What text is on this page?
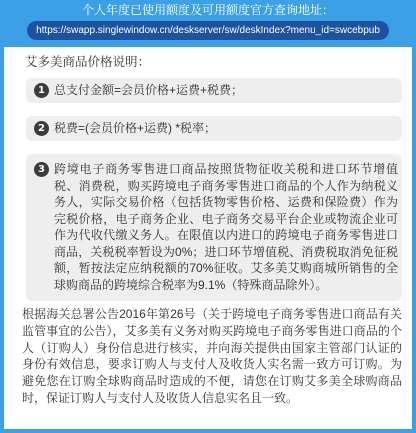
个人年度已使用额度及可用额度官方查询地址：
https://swapp.singlewindow.cn/deskserver/sw/deskIndex?menu_id=swcebpub
艾多美商品价格说明：
1 总支付金额=会员价格+运费+税费；
2 税费=(会员价格+运费) *税率；
3 跨境电子商务零售进口商品按照货物征收关税和进口环节增值税、消费税，购买跨境电子商务零售进口商品的个人作为纳税义务人，实际交易价格（包括货物零售价格、运费和保险费）作为完税价格，电子商务企业、电子商务交易平台企业或物流企业可作为代收代缴义务人。在限值以内进口的跨境电子商务零售进口商品，关税税率暂设为0%；进口环节增值税、消费税取消免征税额，暂按法定应纳税额的70%征收。艾多美艾购商城所销售的全球购商品的跨境综合税率为9.1%（特殊商品除外）。
根据海关总署公告2016年第26号（关于跨境电子商务零售进口商品有关监管事宜的公告），艾多美有义务对购买跨境电子商务零售进口商品的个人（订购人）身份信息进行核实，并向海关提供由国家主管部门认证的身份有效信息，要求订购人与支付人及收货人实名需一致方可订购。为避免您在订购全球购商品时造成的不便，请您在订购艾多美全球购商品时，保证订购人与支付人及收货人信息实名且一致。
